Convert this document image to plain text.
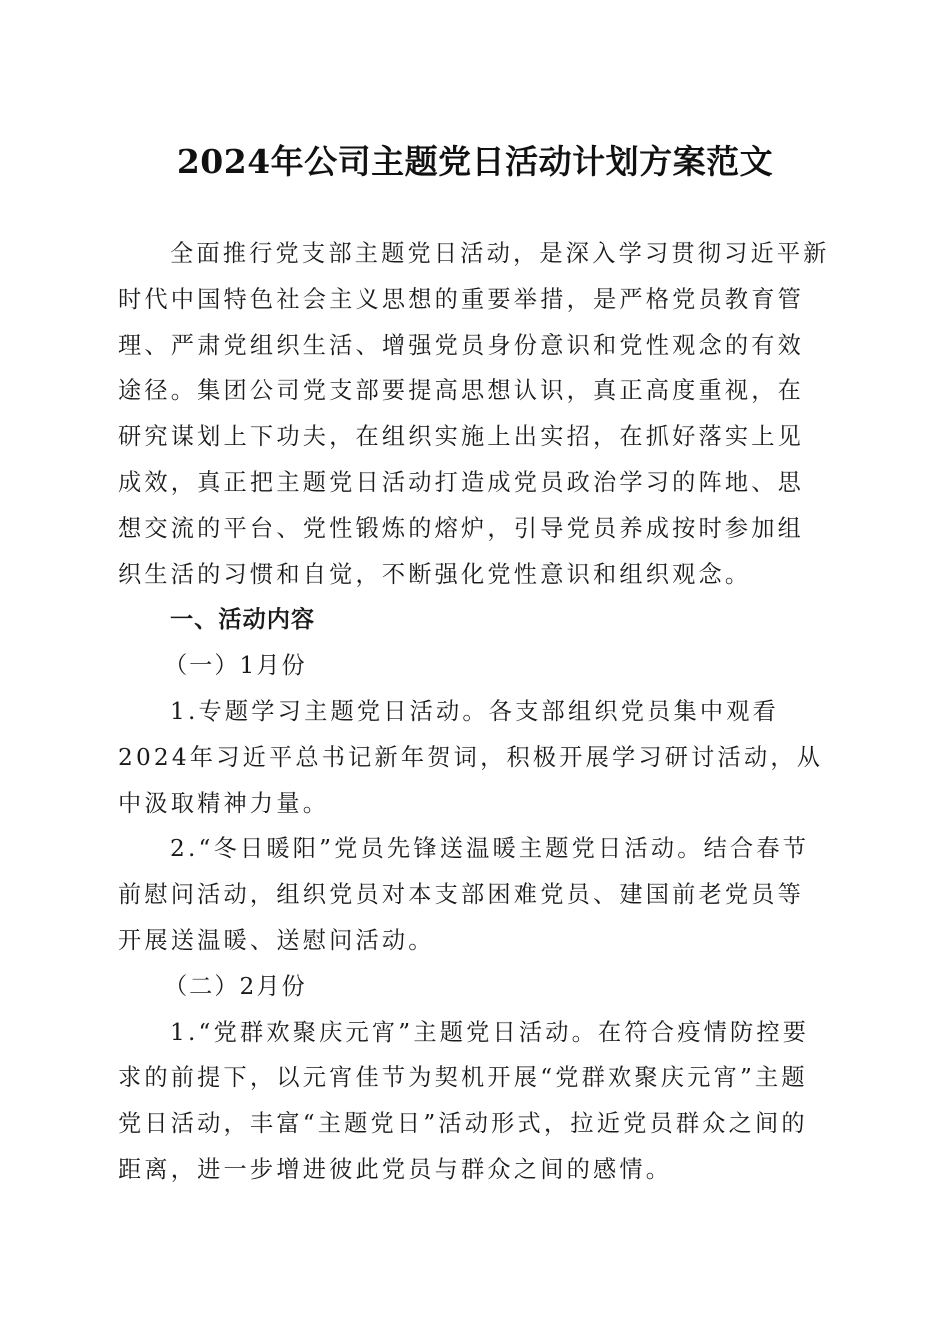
2024年公司主题党日活动计划方案范文

全面推行党支部主题党日活动，是深入学习贯彻习近平新时代中国特色社会主义思想的重要举措，是严格党员教育管理、严肃党组织生活、增强党员身份意识和党性观念的有效途径。集团公司党支部要提高思想认识，真正高度重视，在研究谋划上下功夫，在组织实施上出实招，在抓好落实上见成效，真正把主题党日活动打造成党员政治学习的阵地、思想交流的平台、党性锻炼的熔炉，引导党员养成按时参加组织生活的习惯和自觉，不断强化党性意识和组织观念。

一、活动内容

（一）1月份

1.专题学习主题党日活动。各支部组织党员集中观看2024年习近平总书记新年贺词，积极开展学习研讨活动，从中汲取精神力量。

2.“冬日暖阳”党员先锋送温暖主题党日活动。结合春节前慰问活动，组织党员对本支部困难党员、建国前老党员等开展送温暖、送慰问活动。

（二）2月份

1.“党群欢聚庆元宵”主题党日活动。在符合疫情防控要求的前提下，以元宵佳节为契机开展“党群欢聚庆元宵”主题党日活动，丰富“主题党日”活动形式，拉近党员群众之间的距离，进一步增进彼此党员与群众之间的感情。
